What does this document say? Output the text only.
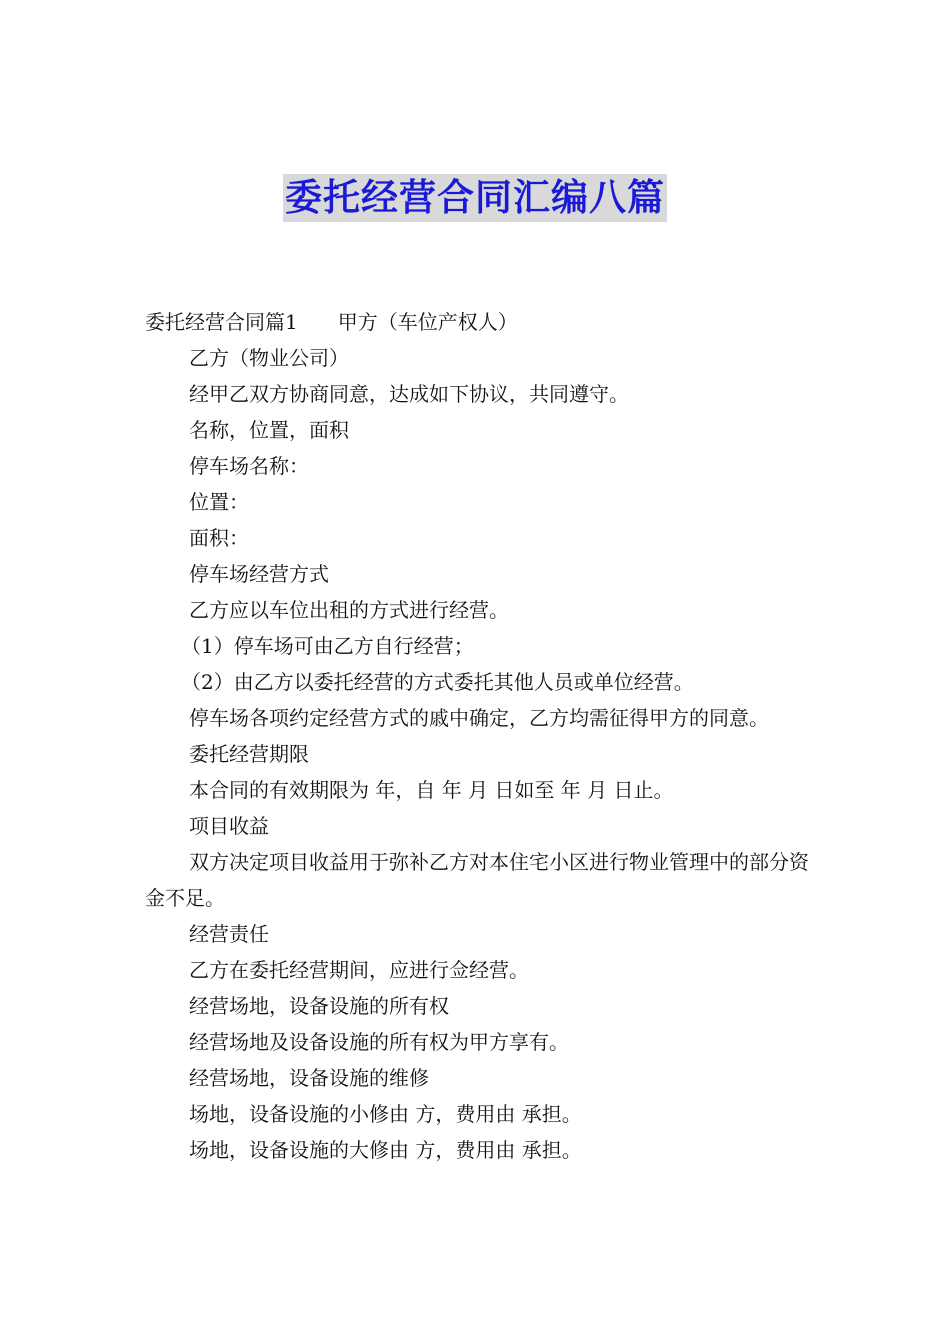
委托经营合同汇编八篇

委托经营合同篇1　　甲方（车位产权人）

乙方（物业公司）

经甲乙双方协商同意，达成如下协议，共同遵守。

名称，位置，面积

停车场名称：

位置：

面积：

停车场经营方式

乙方应以车位出租的方式进行经营。

（1）停车场可由乙方自行经营；

（2）由乙方以委托经营的方式委托其他人员或单位经营。

停车场各项约定经营方式的戚中确定，乙方均需征得甲方的同意。

委托经营期限

本合同的有效期限为 年，自 年 月 日如至 年 月 日止。

项目收益

双方决定项目收益用于弥补乙方对本住宅小区进行物业管理中的部分资金不足。

经营责任

乙方在委托经营期间，应进行佥经营。

经营场地，设备设施的所有权

经营场地及设备设施的所有权为甲方享有。

经营场地，设备设施的维修

场地，设备设施的小修由 方，费用由 承担。

场地，设备设施的大修由 方，费用由 承担。
